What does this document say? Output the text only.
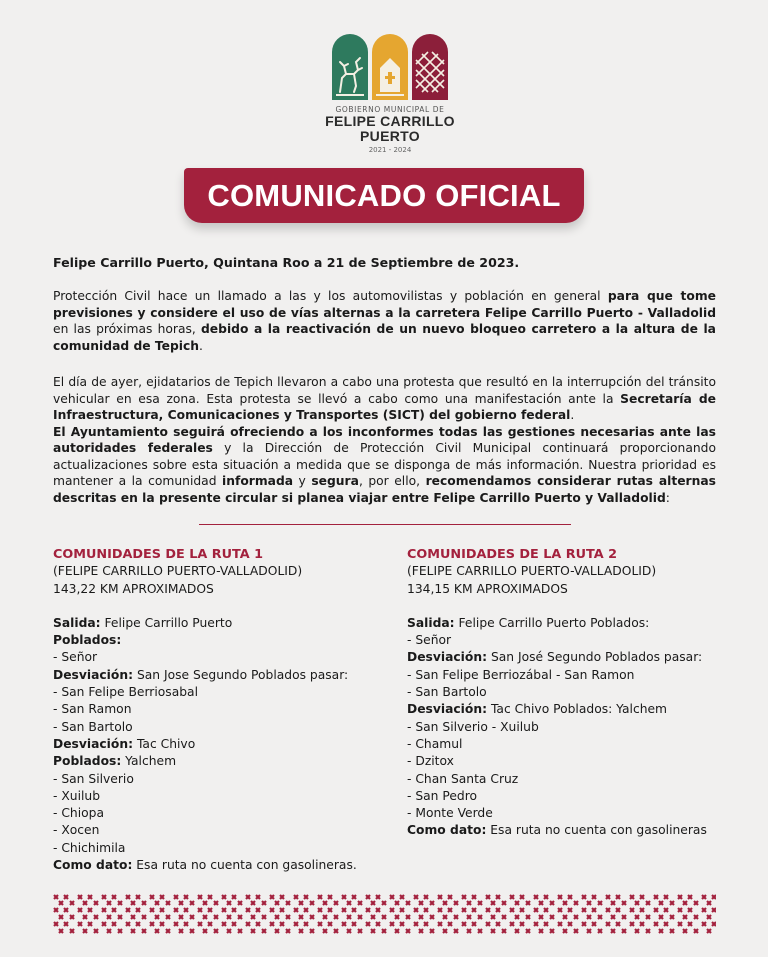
GOBIERNO MUNICIPAL DE
FELIPE CARRILLO
PUERTO
2021 - 2024
COMUNICADO OFICIAL
Felipe Carrillo Puerto, Quintana Roo a 21 de Septiembre de 2023.
Protección Civil hace un llamado a las y los automovilistas y población en general para que tome previsiones y considere el uso de vías alternas a la carretera Felipe Carrillo Puerto - Valladolid en las próximas horas, debido a la reactivación de un nuevo bloqueo carretero a la altura de la comunidad de Tepich.
El día de ayer, ejidatarios de Tepich llevaron a cabo una protesta que resultó en la interrupción del tránsito vehicular en esa zona. Esta protesta se llevó a cabo como una manifestación ante la Secretaría de Infraestructura, Comunicaciones y Transportes (SICT) del gobierno federal.
El Ayuntamiento seguirá ofreciendo a los inconformes todas las gestiones necesarias ante las autoridades federales y la Dirección de Protección Civil Municipal continuará proporcionando actualizaciones sobre esta situación a medida que se disponga de más información. Nuestra prioridad es mantener a la comunidad informada y segura, por ello, recomendamos considerar rutas alternas descritas en la presente circular si planea viajar entre Felipe Carrillo Puerto y Valladolid:
COMUNIDADES DE LA RUTA 1
(FELIPE CARRILLO PUERTO-VALLADOLID)
143,22 KM APROXIMADOS
Salida: Felipe Carrillo Puerto
Poblados:
- Señor
Desviación: San Jose Segundo Poblados pasar:
- San Felipe Berriosabal
- San Ramon
- San Bartolo
Desviación: Tac Chivo
Poblados: Yalchem
- San Silverio
- Xuilub
- Chiopa
- Xocen
- Chichimila
Como dato: Esa ruta no cuenta con gasolineras.
COMUNIDADES DE LA RUTA 2
(FELIPE CARRILLO PUERTO-VALLADOLID)
134,15 KM APROXIMADOS
Salida: Felipe Carrillo Puerto Poblados:
- Señor
Desviación: San José Segundo Poblados pasar:
- San Felipe Berriozábal - San Ramon
- San Bartolo
Desviación: Tac Chivo Poblados: Yalchem
- San Silverio - Xuilub
- Chamul
- Dzitox
- Chan Santa Cruz
- San Pedro
- Monte Verde
Como dato: Esa ruta no cuenta con gasolineras
